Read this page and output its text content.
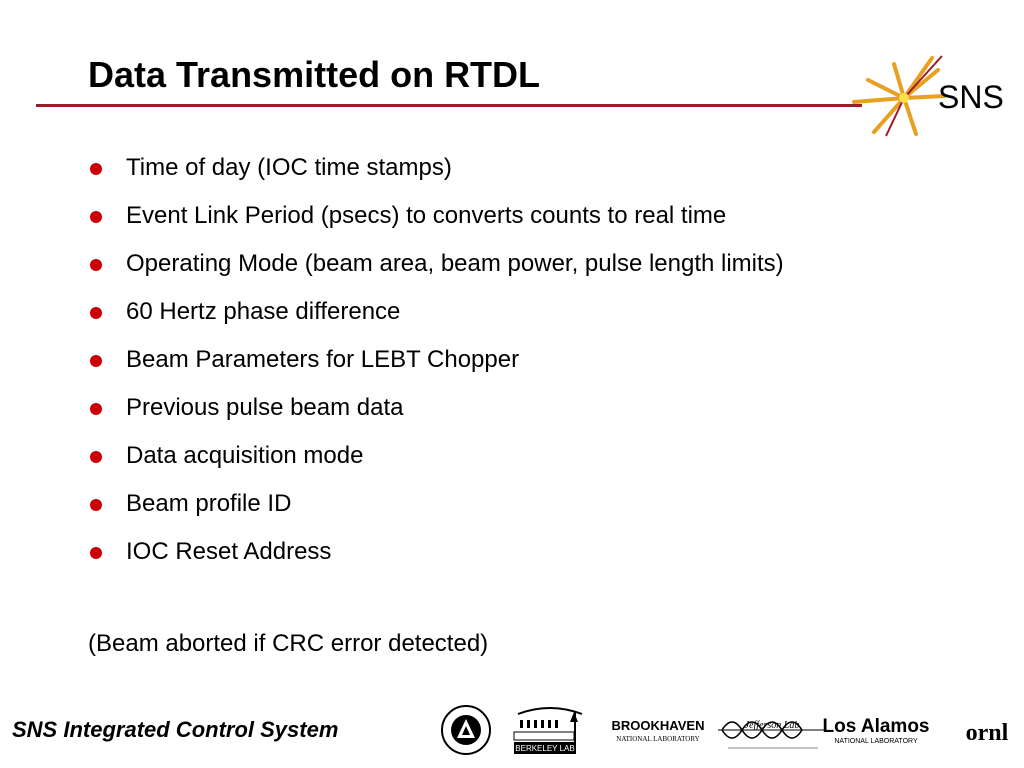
Data Transmitted on RTDL
SNS
Time of day (IOC time stamps)
Event Link Period (psecs) to converts counts to real time
Operating Mode (beam area, beam power, pulse length limits)
60 Hertz phase difference
Beam Parameters for LEBT Chopper
Previous pulse beam data
Data acquisition mode
Beam profile ID
IOC Reset Address

(Beam aborted if CRC error detected)

SNS Integrated Control System

BERKELEY LAB
BROOKHAVEN
NATIONAL LABORATORY
Jefferson Lab Los Alamos
NATIONAL LABORATORY ornl
